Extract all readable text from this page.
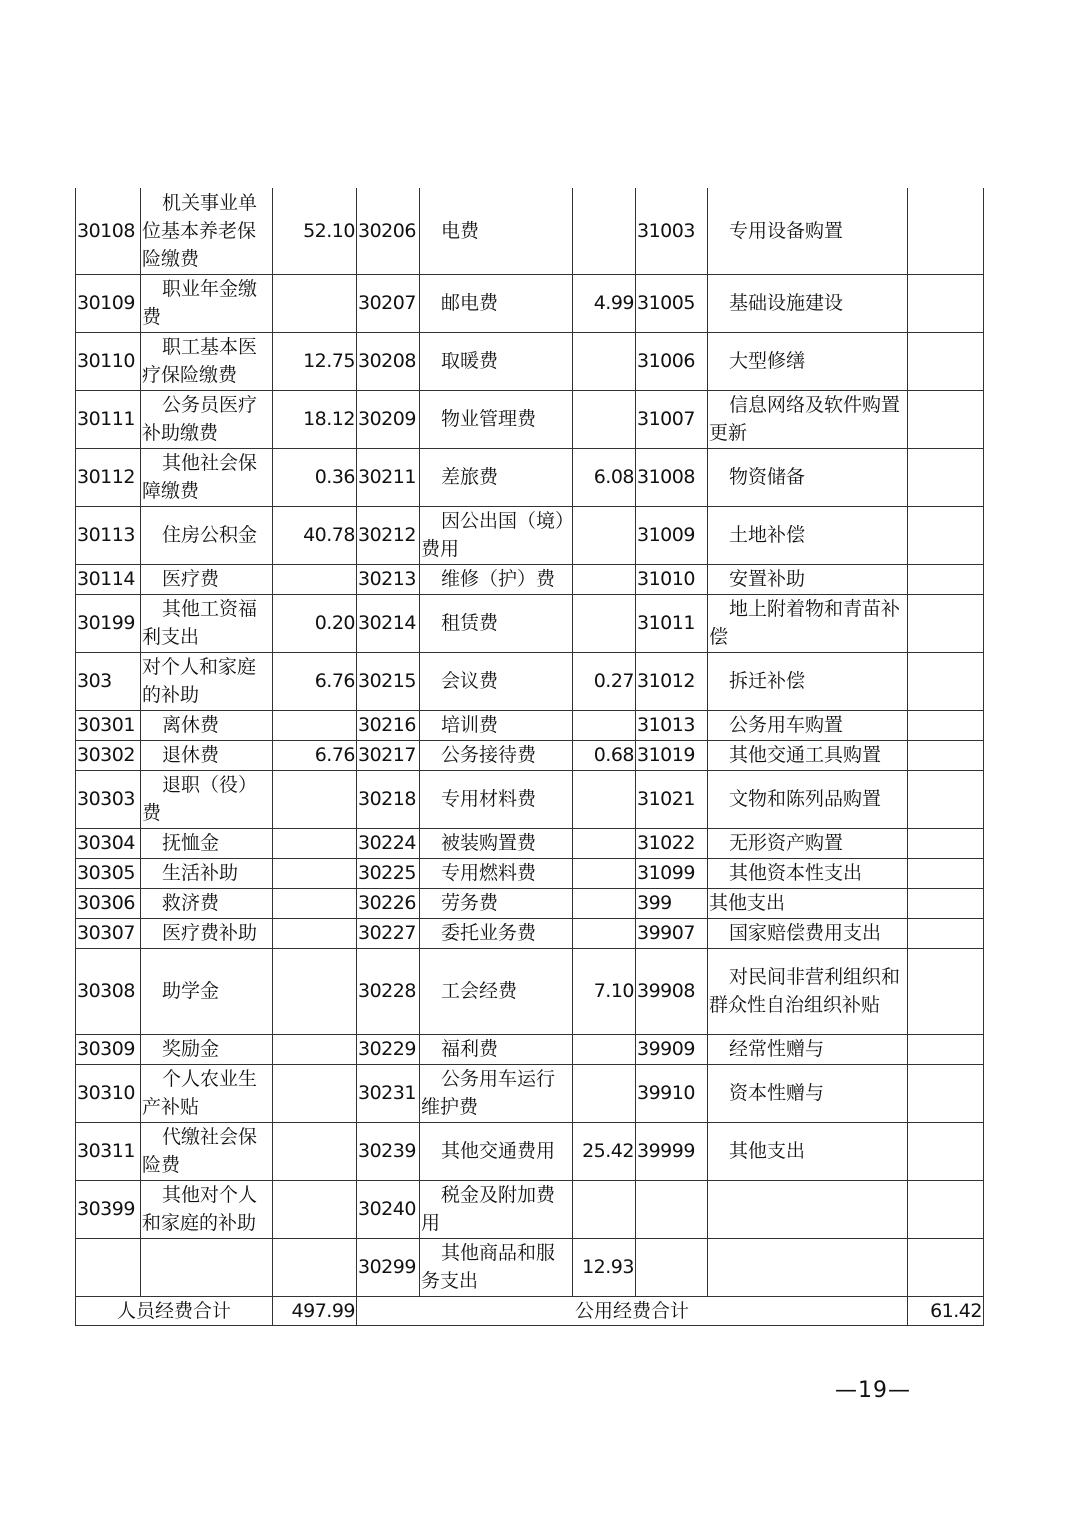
30108	机关事业单位基本养老保险缴费	52.10	30206	电费		31003	专用设备购置	
30109	职业年金缴费		30207	邮电费	4.99	31005	基础设施建设	
30110	职工基本医疗保险缴费	12.75	30208	取暖费		31006	大型修缮	
30111	公务员医疗补助缴费	18.12	30209	物业管理费		31007	信息网络及软件购置更新	
30112	其他社会保障缴费	0.36	30211	差旅费	6.08	31008	物资储备	
30113	住房公积金	40.78	30212	因公出国（境）费用		31009	土地补偿	
30114	医疗费		30213	维修（护）费		31010	安置补助	
30199	其他工资福利支出	0.20	30214	租赁费		31011	地上附着物和青苗补偿	
303	对个人和家庭的补助	6.76	30215	会议费	0.27	31012	拆迁补偿	
30301	离休费		30216	培训费		31013	公务用车购置	
30302	退休费	6.76	30217	公务接待费	0.68	31019	其他交通工具购置	
30303	退职（役）费		30218	专用材料费		31021	文物和陈列品购置	
30304	抚恤金		30224	被装购置费		31022	无形资产购置	
30305	生活补助		30225	专用燃料费		31099	其他资本性支出	
30306	救济费		30226	劳务费		399	其他支出	
30307	医疗费补助		30227	委托业务费		39907	国家赔偿费用支出	
30308	助学金		30228	工会经费	7.10	39908	对民间非营利组织和群众性自治组织补贴	
30309	奖励金		30229	福利费		39909	经常性赠与	
30310	个人农业生产补贴		30231	公务用车运行维护费		39910	资本性赠与	
30311	代缴社会保险费		30239	其他交通费用	25.42	39999	其他支出	
30399	其他对个人和家庭的补助		30240	税金及附加费用				
			30299	其他商品和服务支出	12.93			
人员经费合计		497.99	公用经费合计					61.42
—19—
